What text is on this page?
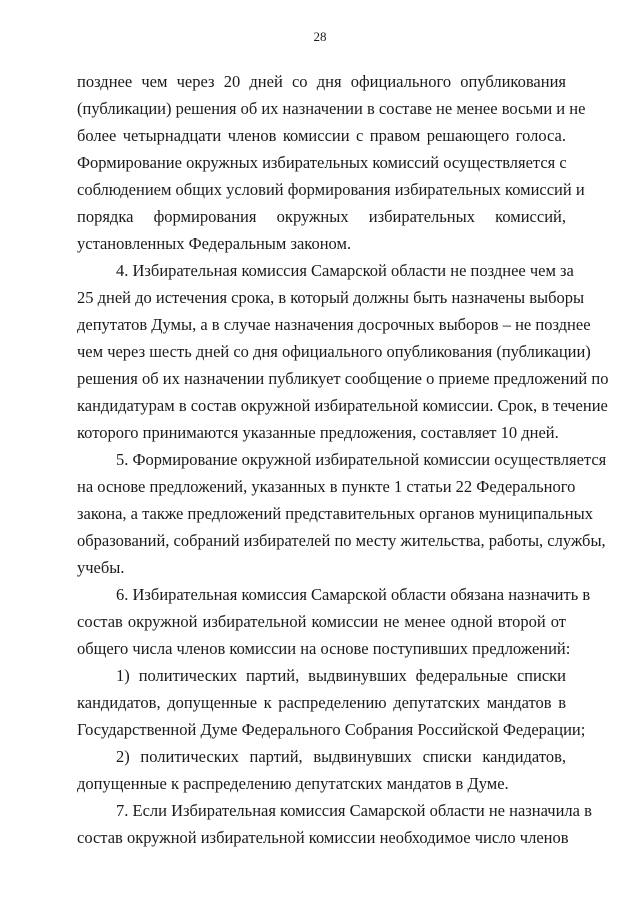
28
позднее чем через 20 дней со дня официального опубликования
(публикации) решения об их назначении в составе не менее восьми и не
более четырнадцати членов комиссии с правом решающего голоса.
Формирование окружных избирательных комиссий осуществляется с
соблюдением общих условий формирования избирательных комиссий и
порядка формирования окружных избирательных комиссий,
установленных Федеральным законом.
4. Избирательная комиссия Самарской области не позднее чем за
25 дней до истечения срока, в который должны быть назначены выборы
депутатов Думы, а в случае назначения досрочных выборов – не позднее
чем через шесть дней со дня официального опубликования (публикации)
решения об их назначении публикует сообщение о приеме предложений по
кандидатурам в состав окружной избирательной комиссии. Срок, в течение
которого принимаются указанные предложения, составляет 10 дней.
5. Формирование окружной избирательной комиссии осуществляется
на основе предложений, указанных в пункте 1 статьи 22 Федерального
закона, а также предложений представительных органов муниципальных
образований, собраний избирателей по месту жительства, работы, службы,
учебы.
6. Избирательная комиссия Самарской области обязана назначить в
состав окружной избирательной комиссии не менее одной второй от
общего числа членов комиссии на основе поступивших предложений:
1) политических партий, выдвинувших федеральные списки
кандидатов, допущенные к распределению депутатских мандатов в
Государственной Думе Федерального Собрания Российской Федерации;
2) политических партий, выдвинувших списки кандидатов,
допущенные к распределению депутатских мандатов в Думе.
7. Если Избирательная комиссия Самарской области не назначила в
состав окружной избирательной комиссии необходимое число членов
